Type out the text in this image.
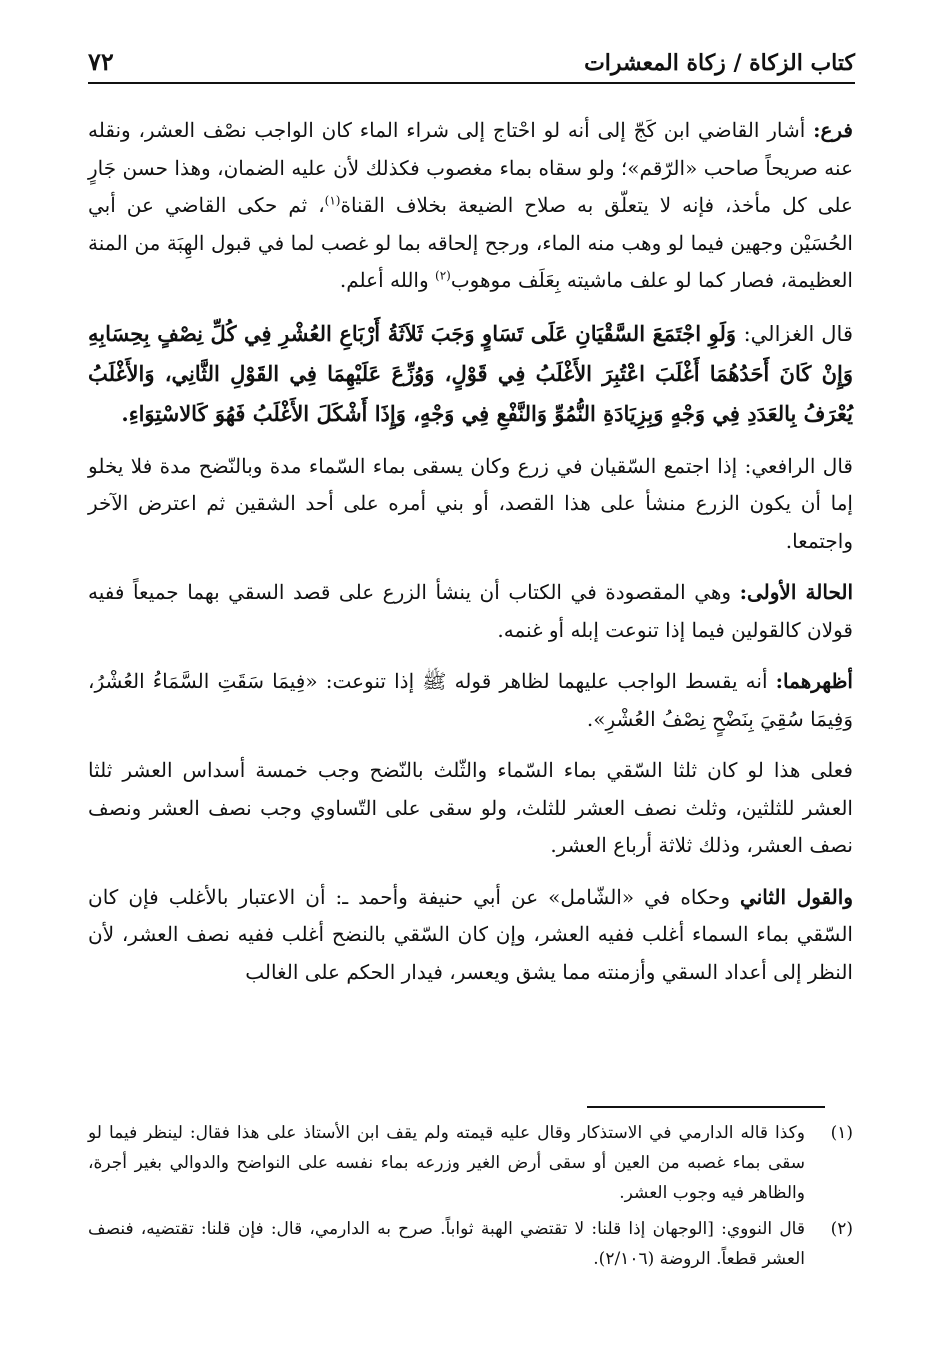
كتاب الزكاة / زكاة المعشرات
٧٢

فرع: أشار القاضي ابن كَجّ إلى أنه لو احْتاج إلى شراء الماء كان الواجب نصْف العشر، ونقله عنه صريحاً صاحب «الرّقم»؛ ولو سقاه بماء مغصوب فكذلك لأن عليه الضمان، وهذا حسن جَارٍ على كل مأخذ، فإنه لا يتعلّق به صلاح الضيعة بخلاف القناة$^{(١)}$، ثم حكى القاضي عن أبي الحُسَيْن وجهين فيما لو وهب منه الماء، ورجح إلحاقه بما لو غصب لما في قبول الهِبَة من المنة العظيمة، فصار كما لو علف ماشيته بِعَلَف موهوب$^{(٢)}$ والله أعلم.

قال الغزالي: وَلَوِ اجْتَمَعَ السَّقْيَانِ عَلَى تَسَاوٍ وَجَبَ ثَلاَثَةُ أَرْبَاعِ العُشْرِ فِي كُلِّ نِصْفٍ بِحِسَابِهِ وَإِنْ كَانَ أَحَدُهُمَا أَغْلَبَ اعْتُبِرَ الأَغْلَبُ فِي قَوْلٍ، وَوُزِّعَ عَلَيْهِمَا فِي القَوْلِ الثَّانِي، وَالأَغْلَبُ يُعْرَفُ بِالعَدَدِ فِي وَجْهٍ وَبِزِيَادَةِ النُّمُوِّ وَالنَّفْعِ فِي وَجْهٍ، وَإِذَا أَشْكَلَ الأَغْلَبُ فَهُوَ كَالاسْتِوَاءِ.

قال الرافعي: إذا اجتمع السّقيان في زرع وكان يسقى بماء السّماء مدة وبالنّضح مدة فلا يخلو إما أن يكون الزرع منشأ على هذا القصد، أو بني أمره على أحد الشقين ثم اعترض الآخر واجتمعا.

الحالة الأولى: وهي المقصودة في الكتاب أن ينشأ الزرع على قصد السقي بهما جميعاً ففيه قولان كالقولين فيما إذا تنوعت إبله أو غنمه.

أظهرهما: أنه يقسط الواجب عليهما لظاهر قوله ﷺ إذا تنوعت: «فِيمَا سَقَتِ السَّمَاءُ العُشْرُ، وَفِيمَا سُقِيَ بِنَضْحٍ نِصْفُ العُشْرِ».

فعلى هذا لو كان ثلثا السّقي بماء السّماء والثّلث بالنّضح وجب خمسة أسداس العشر ثلثا العشر للثلثين، وثلث نصف العشر للثلث، ولو سقى على التّساوي وجب نصف العشر ونصف نصف العشر، وذلك ثلاثة أرباع العشر.

والقول الثاني وحكاه في «الشّامل» عن أبي حنيفة وأحمد ـ: أن الاعتبار بالأغلب فإن كان السّقي بماء السماء أغلب ففيه العشر، وإن كان السّقي بالنضح أغلب ففيه نصف العشر، لأن النظر إلى أعداد السقي وأزمنته مما يشق ويعسر، فيدار الحكم على الغالب

(١)
وكذا قاله الدارمي في الاستذكار وقال عليه قيمته ولم يقف ابن الأستاذ على هذا فقال: لينظر فيما لو سقى بماء غصبه من العين أو سقى أرض الغير وزرعه بماء نفسه على النواضح والدوالي بغير أجرة، والظاهر فيه وجوب العشر.
(٢)
قال النووي: [الوجهان إذا قلنا: لا تقتضي الهبة ثواباً. صرح به الدارمي، قال: فإن قلنا: تقتضيه، فنصف العشر قطعاً. الروضة (٢/١٠٦).
